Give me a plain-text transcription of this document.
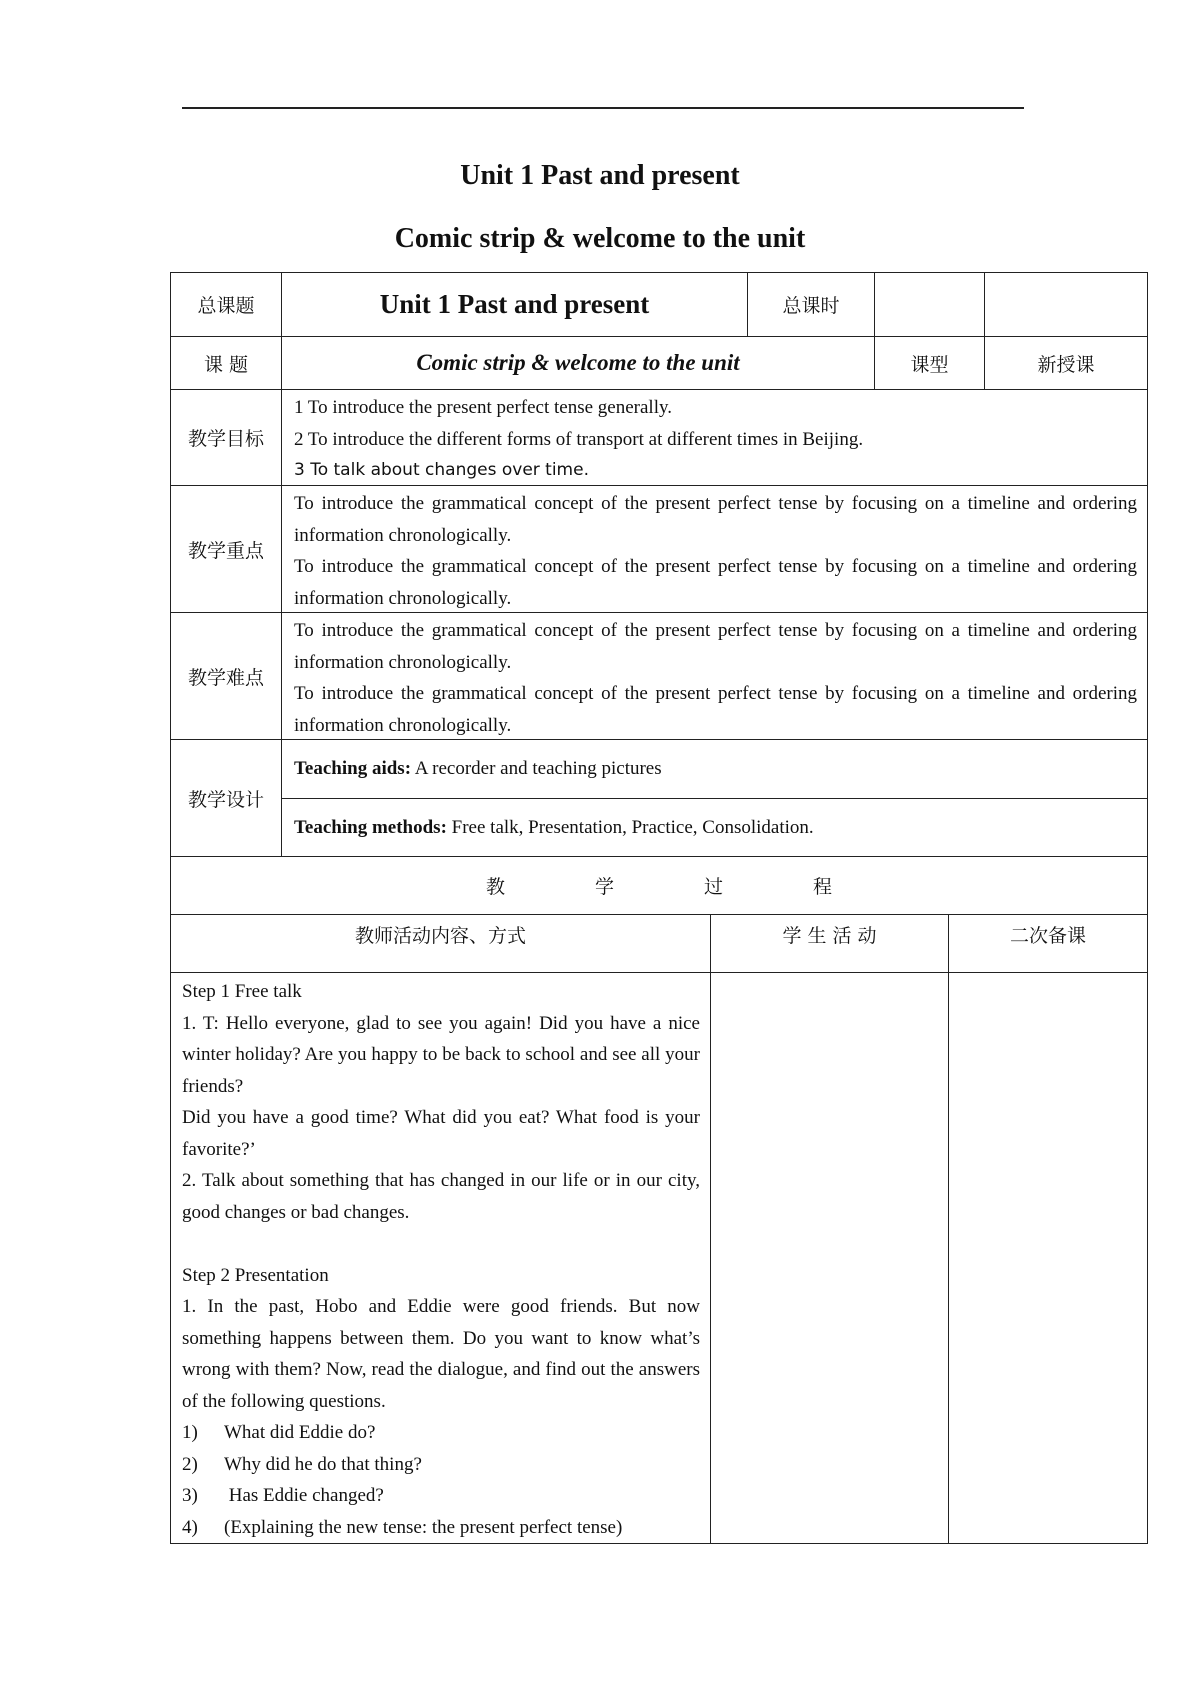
Unit 1 Past and present
Comic strip & welcome to the unit
总课题	Unit 1 Past and present	总课时
课 题	Comic strip & welcome to the unit	课型	新授课
教学目标

1 To introduce the present perfect tense generally.

2 To introduce the different forms of transport at different times in Beijing.

3 To talk about changes over time.

教学重点

To introduce the grammatical concept of the present perfect tense by focusing on a timeline and ordering information chronologically.

To introduce the grammatical concept of the present perfect tense by focusing on a timeline and ordering information chronologically.

教学难点

To introduce the grammatical concept of the present perfect tense by focusing on a timeline and ordering information chronologically.

To introduce the grammatical concept of the present perfect tense by focusing on a timeline and ordering information chronologically.

教学设计
Teaching aids: A recorder and teaching pictures
Teaching methods: Free talk, Presentation, Practice, Consolidation.
教	学	过	程
教师活动内容、方式	学 生 活 动	二次备课

Step 1 Free talk

1. T: Hello everyone, glad to see you again! Did you have a nice winter holiday? Are you happy to be back to school and see all your friends?

Did you have a good time? What did you eat? What food is your favorite?’

2. Talk about something that has changed in our life or in our city, good changes or bad changes.

Step 2 Presentation

1. In the past, Hobo and Eddie were good friends. But now something happens between them. Do you want to know what’s wrong with them? Now, read the dialogue, and find out the answers of the following questions.

1) What did Eddie do?
2) Why did he do that thing?
3) Has Eddie changed?
4) (Explaining the new tense: the present perfect tense)
